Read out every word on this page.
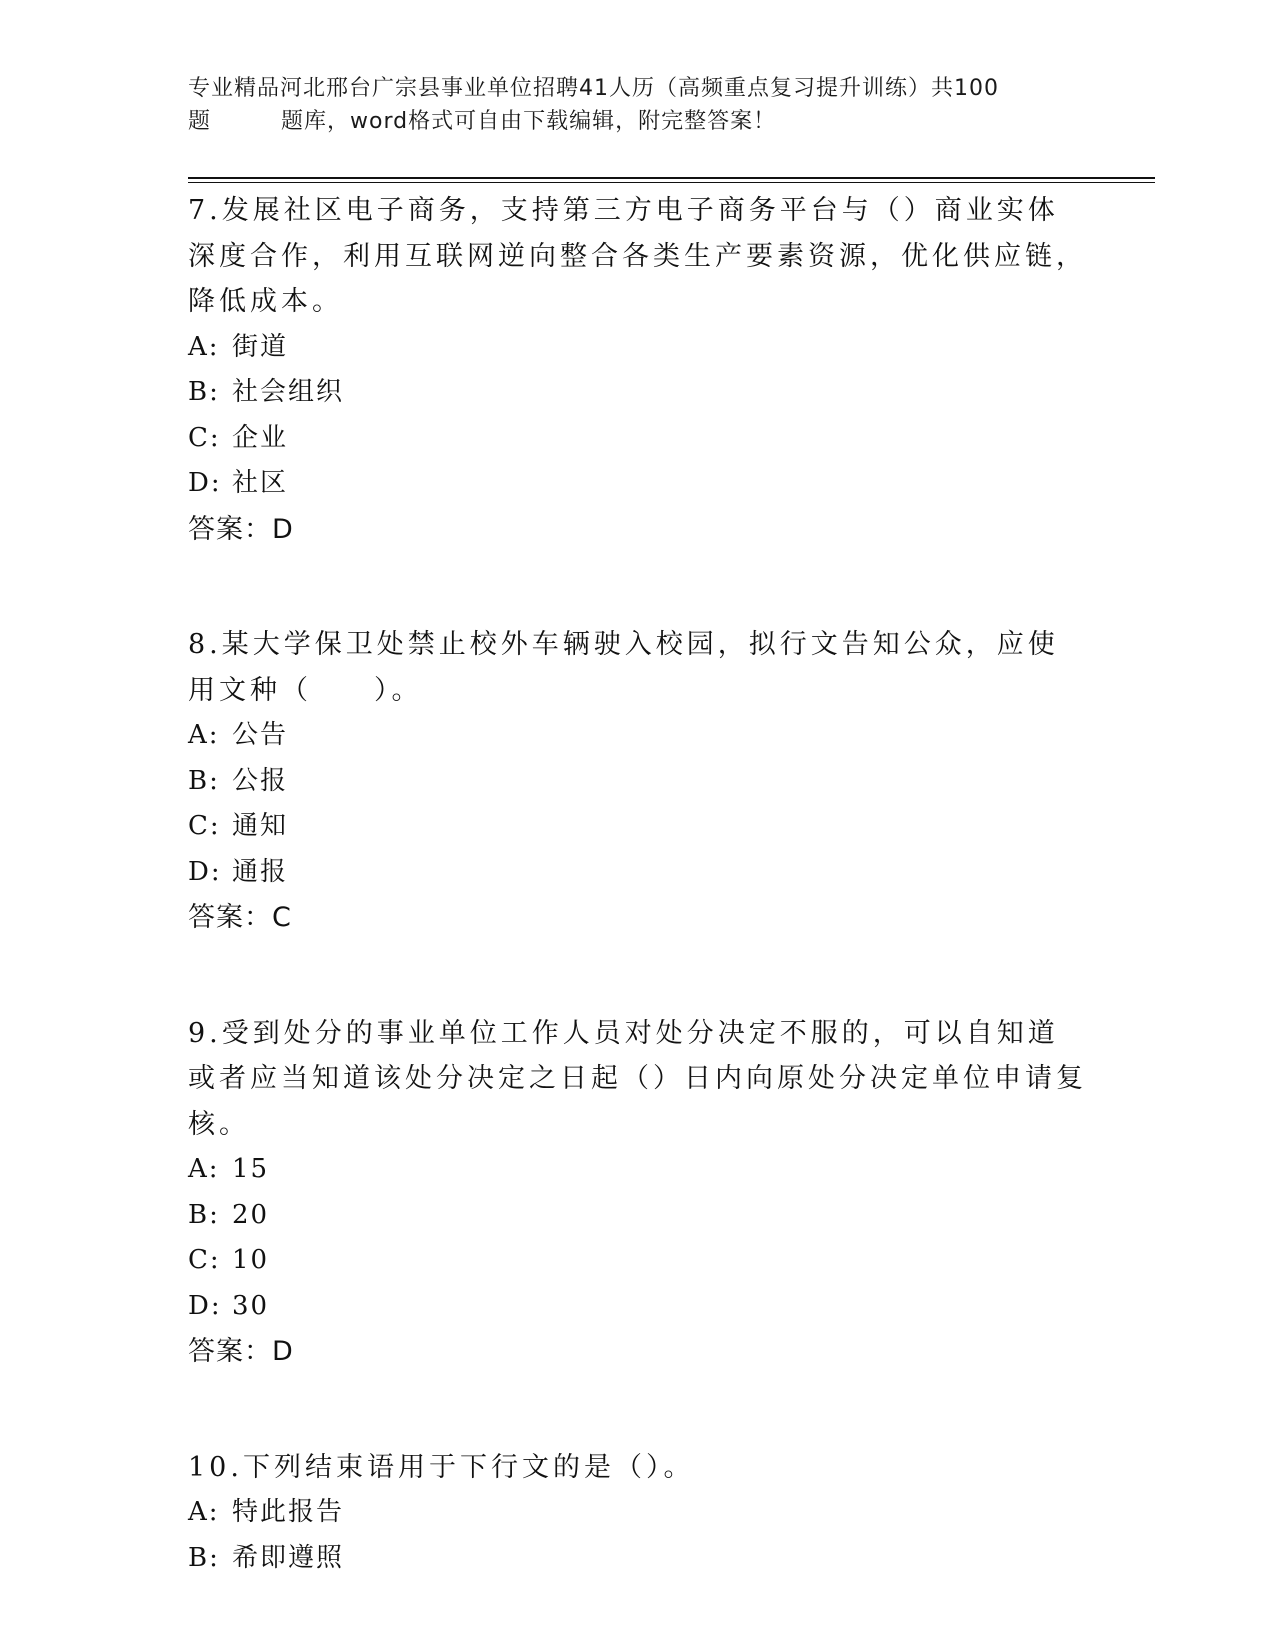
专业精品河北邢台广宗县事业单位招聘41人历（高频重点复习提升训练）共100
题	题库，word格式可自由下载编辑，附完整答案！

7.发展社区电子商务，支持第三方电子商务平台与（）商业实体深度合作，利用互联网逆向整合各类生产要素资源，优化供应链，降低成本。

A: 街道

B: 社会组织

C: 企业

D: 社区

答案：D

8.某大学保卫处禁止校外车辆驶入校园，拟行文告知公众，应使用文种（　　）。

A: 公告

B: 公报

C: 通知

D: 通报

答案：C

9.受到处分的事业单位工作人员对处分决定不服的，可以自知道或者应当知道该处分决定之日起（）日内向原处分决定单位申请复核。

A: 15

B: 20

C: 10

D: 30

答案：D

10.下列结束语用于下行文的是（）。

A: 特此报告

B: 希即遵照
